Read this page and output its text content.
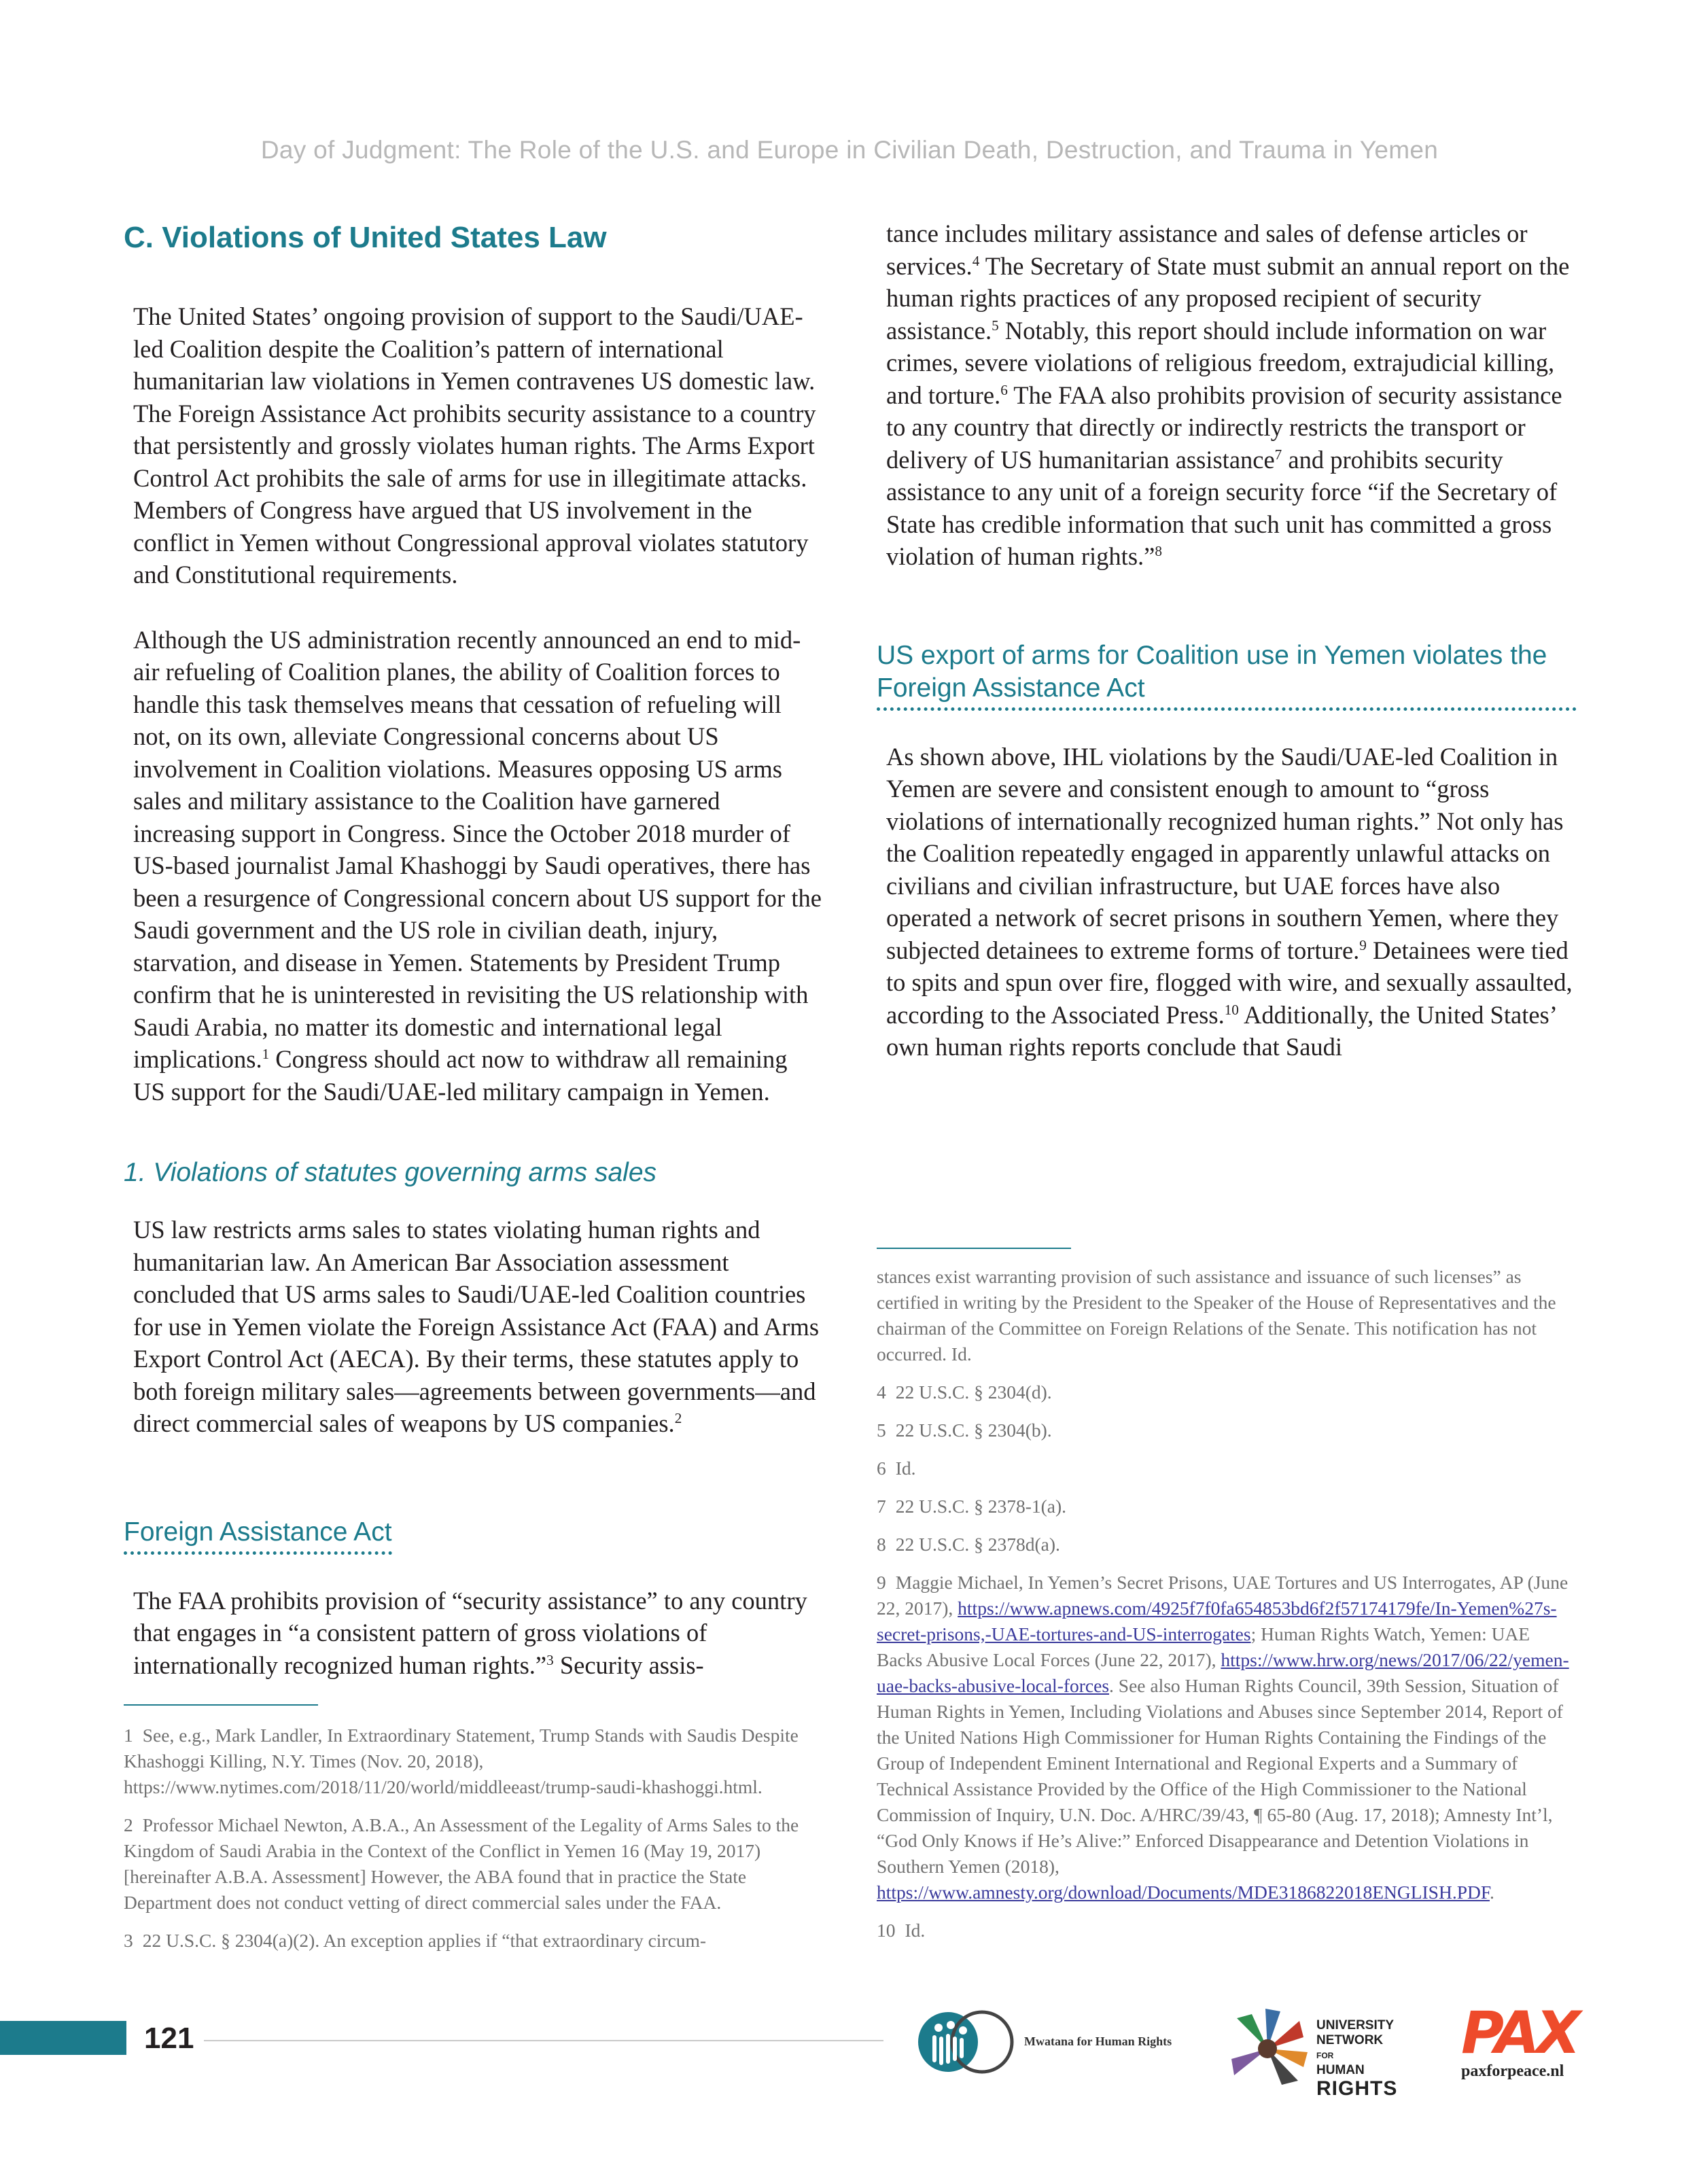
Day of Judgment: The Role of the U.S. and Europe in Civilian Death, Destruction, and Trauma in Yemen
C. Violations of United States Law

The United States’ ongoing provision of support to the Saudi/UAE-led Coalition despite the Coalition’s pattern of international humanitarian law violations in Yemen contravenes US domestic law. The Foreign Assistance Act prohibits security assistance to a country that persistently and grossly violates human rights. The Arms Export Control Act prohibits the sale of arms for use in illegitimate attacks. Members of Congress have argued that US involvement in the conflict in Yemen without Congressional approval violates statutory and Constitutional requirements.

Although the US administration recently announced an end to mid-air refueling of Coalition planes, the ability of Coalition forces to handle this task themselves means that cessation of refueling will not, on its own, alleviate Congressional concerns about US involvement in Coalition violations. Measures opposing US arms sales and military assistance to the Coalition have garnered increasing support in Congress. Since the October 2018 murder of US-based journalist Jamal Khashoggi by Saudi operatives, there has been a resurgence of Congressional concern about US support for the Saudi government and the US role in civilian death, injury, starvation, and disease in Yemen. Statements by President Trump confirm that he is uninterested in revisiting the US relationship with Saudi Arabia, no matter its domestic and international legal implications.$^1$ Congress should act now to withdraw all remaining US support for the Saudi/UAE-led military campaign in Yemen.

1. Violations of statutes governing arms sales

US law restricts arms sales to states violating human rights and humanitarian law. An American Bar Association assessment concluded that US arms sales to Saudi/UAE-led Coalition countries for use in Yemen violate the Foreign Assistance Act (FAA) and Arms Export Control Act (AECA). By their terms, these statutes apply to both foreign military sales—agreements between governments—and direct commercial sales of weapons by US companies.$^2$

Foreign Assistance Act

The FAA prohibits provision of “security assistance” to any country that engages in “a consistent pattern of gross violations of internationally recognized human rights.”$^3$ Security assis-

tance includes military assistance and sales of defense articles or services.$^4$ The Secretary of State must submit an annual report on the human rights practices of any proposed recipient of security assistance.$^5$ Notably, this report should include information on war crimes, severe violations of religious freedom, extrajudicial killing, and torture.$^6$ The FAA also prohibits provision of security assistance to any country that directly or indirectly restricts the transport or delivery of US humanitarian assistance$^7$ and prohibits security assistance to any unit of a foreign security force “if the Secretary of State has credible information that such unit has committed a gross violation of human rights.”$^8$

US export of arms for Coalition use in Yemen violates the Foreign Assistance Act

As shown above, IHL violations by the Saudi/UAE-led Coalition in Yemen are severe and consistent enough to amount to “gross violations of internationally recognized human rights.” Not only has the Coalition repeatedly engaged in apparently unlawful attacks on civilians and civilian infrastructure, but UAE forces have also operated a network of secret prisons in southern Yemen, where they subjected detainees to extreme forms of torture.$^9$ Detainees were tied to spits and spun over fire, flogged with wire, and sexually assaulted, according to the Associated Press.$^{10}$ Additionally, the United States’ own human rights reports conclude that Saudi

1 See, e.g., Mark Landler, In Extraordinary Statement, Trump Stands with Saudis Despite Khashoggi Killing, N.Y. Times (Nov. 20, 2018), https://www.nytimes.com/2018/11/20/world/middleeast/trump-saudi-khashoggi.html.

2 Professor Michael Newton, A.B.A., An Assessment of the Legality of Arms Sales to the Kingdom of Saudi Arabia in the Context of the Conflict in Yemen 16 (May 19, 2017) [hereinafter A.B.A. Assessment] However, the ABA found that in practice the State Department does not conduct vetting of direct commercial sales under the FAA.

3 22 U.S.C. § 2304(a)(2). An exception applies if “that extraordinary circum-

stances exist warranting provision of such assistance and issuance of such licenses” as certified in writing by the President to the Speaker of the House of Representatives and the chairman of the Committee on Foreign Relations of the Senate. This notification has not occurred. Id.

4 22 U.S.C. § 2304(d).

5 22 U.S.C. § 2304(b).

6 Id.

7 22 U.S.C. § 2378-1(a).

8 22 U.S.C. § 2378d(a).

9 Maggie Michael, In Yemen’s Secret Prisons, UAE Tortures and US Interrogates, AP (June 22, 2017), https://www.apnews.com/4925f7f0fa654853bd6f2f57174179fe/In-Yemen%27s-secret-prisons,-UAE-tortures-and-US-interrogates; Human Rights Watch, Yemen: UAE Backs Abusive Local Forces (June 22, 2017), https://www.hrw.org/news/2017/06/22/yemen-uae-backs-abusive-local-forces. See also Human Rights Council, 39th Session, Situation of Human Rights in Yemen, Including Violations and Abuses since September 2014, Report of the United Nations High Commissioner for Human Rights Containing the Findings of the Group of Independent Eminent International and Regional Experts and a Summary of Technical Assistance Provided by the Office of the High Commissioner to the National Commission of Inquiry, U.N. Doc. A/HRC/39/43, ¶ 65-80 (Aug. 17, 2018); Amnesty Int’l, “God Only Knows if He’s Alive:” Enforced Disappearance and Detention Violations in Southern Yemen (2018), https://www.amnesty.org/download/Documents/MDE3186822018ENGLISH.PDF.

10 Id.

121	Mwatana for Human Rights
UNIVERSITY
NETWORK
FOR
HUMAN
RIGHTS
PAX
paxforpeace.nl
